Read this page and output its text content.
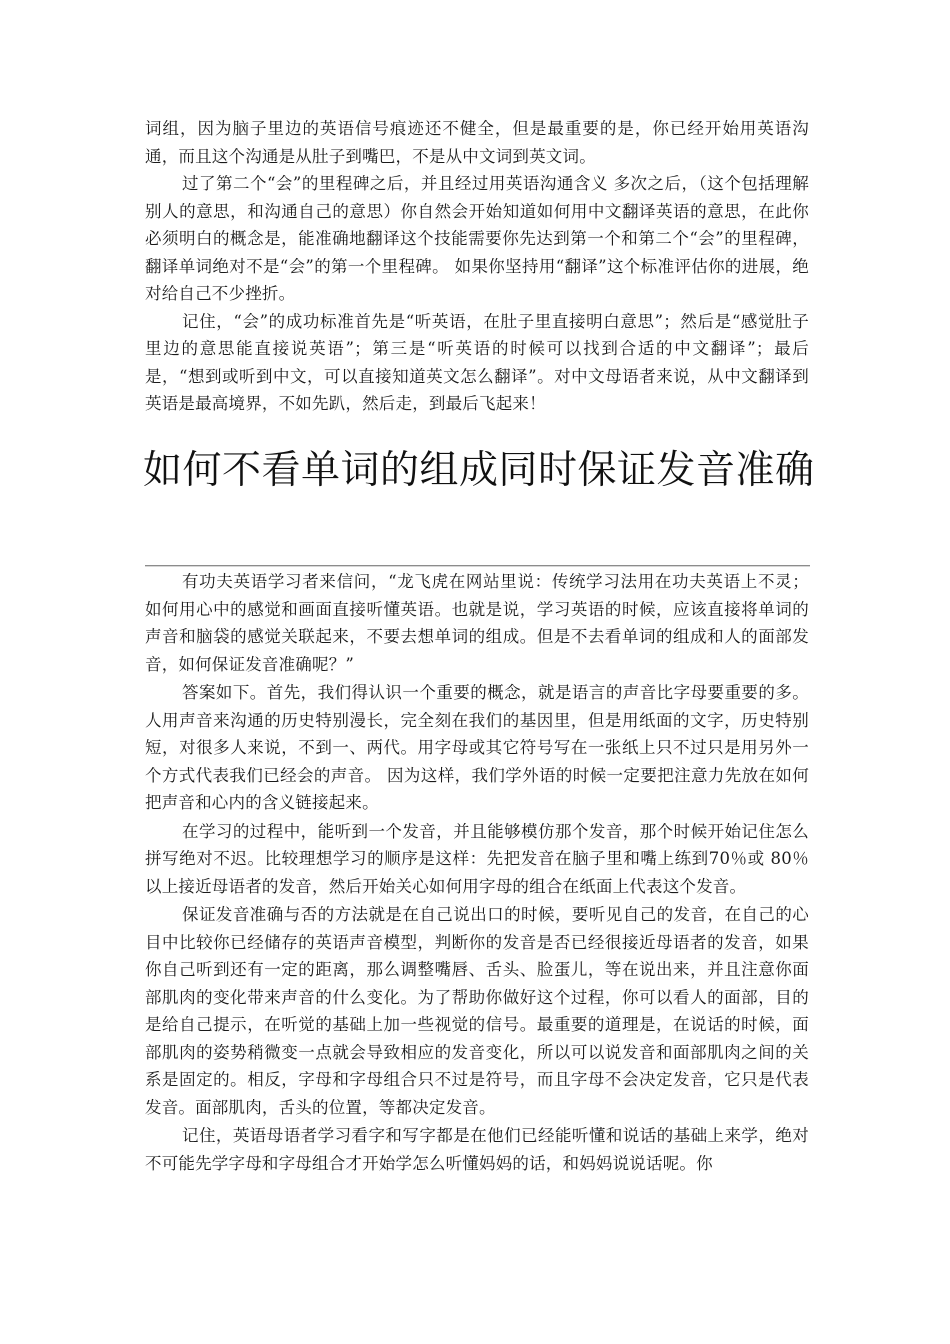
词组，因为脑子里边的英语信号痕迹还不健全，但是最重要的是，你已经开始用英语沟通，而且这个沟通是从肚子到嘴巴，不是从中文词到英文词。

过了第二个“会”的里程碑之后，并且经过用英语沟通含义 多次之后，（这个包括理解别人的意思，和沟通自己的意思）你自然会开始知道如何用中文翻译英语的意思，在此你必须明白的概念是，能准确地翻译这个技能需要你先达到第一个和第二个“会”的里程碑，翻译单词绝对不是“会”的第一个里程碑。 如果你坚持用“翻译”这个标准评估你的进展，绝对给自己不少挫折。

记住，“会”的成功标准首先是“听英语，在肚子里直接明白意思”；然后是“感觉肚子里边的意思能直接说英语”；第三是“听英语的时候可以找到合适的中文翻译”；最后是，“想到或听到中文，可以直接知道英文怎么翻译”。对中文母语者来说，从中文翻译到英语是最高境界，不如先趴，然后走，到最后飞起来！

如何不看单词的组成同时保证发音准确

有功夫英语学习者来信问，“龙飞虎在网站里说：传统学习法用在功夫英语上不灵； 如何用心中的感觉和画面直接听懂英语。也就是说，学习英语的时候，应该直接将单词的声音和脑袋的感觉关联起来，不要去想单词的组成。但是不去看单词的组成和人的面部发音，如何保证发音准确呢？”

答案如下。首先，我们得认识一个重要的概念，就是语言的声音比字母要重要的多。人用声音来沟通的历史特别漫长，完全刻在我们的基因里，但是用纸面的文字，历史特别短，对很多人来说，不到一、两代。用字母或其它符号写在一张纸上只不过只是用另外一个方式代表我们已经会的声音。 因为这样，我们学外语的时候一定要把注意力先放在如何把声音和心内的含义链接起来。

在学习的过程中，能听到一个发音，并且能够模仿那个发音，那个时候开始记住怎么拼写绝对不迟。比较理想学习的顺序是这样：先把发音在脑子里和嘴上练到70％或 80％以上接近母语者的发音，然后开始关心如何用字母的组合在纸面上代表这个发音。

保证发音准确与否的方法就是在自己说出口的时候，要听见自己的发音，在自己的心目中比较你已经储存的英语声音模型，判断你的发音是否已经很接近母语者的发音，如果你自己听到还有一定的距离，那么调整嘴唇、舌头、脸蛋儿，等在说出来，并且注意你面部肌肉的变化带来声音的什么变化。为了帮助你做好这个过程，你可以看人的面部，目的是给自己提示，在听觉的基础上加一些视觉的信号。最重要的道理是，在说话的时候，面部肌肉的姿势稍微变一点就会导致相应的发音变化，所以可以说发音和面部肌肉之间的关系是固定的。相反，字母和字母组合只不过是符号，而且字母不会决定发音，它只是代表发音。面部肌肉，舌头的位置，等都决定发音。

记住，英语母语者学习看字和写字都是在他们已经能听懂和说话的基础上来学，绝对不可能先学字母和字母组合才开始学怎么听懂妈妈的话，和妈妈说说话呢。你
